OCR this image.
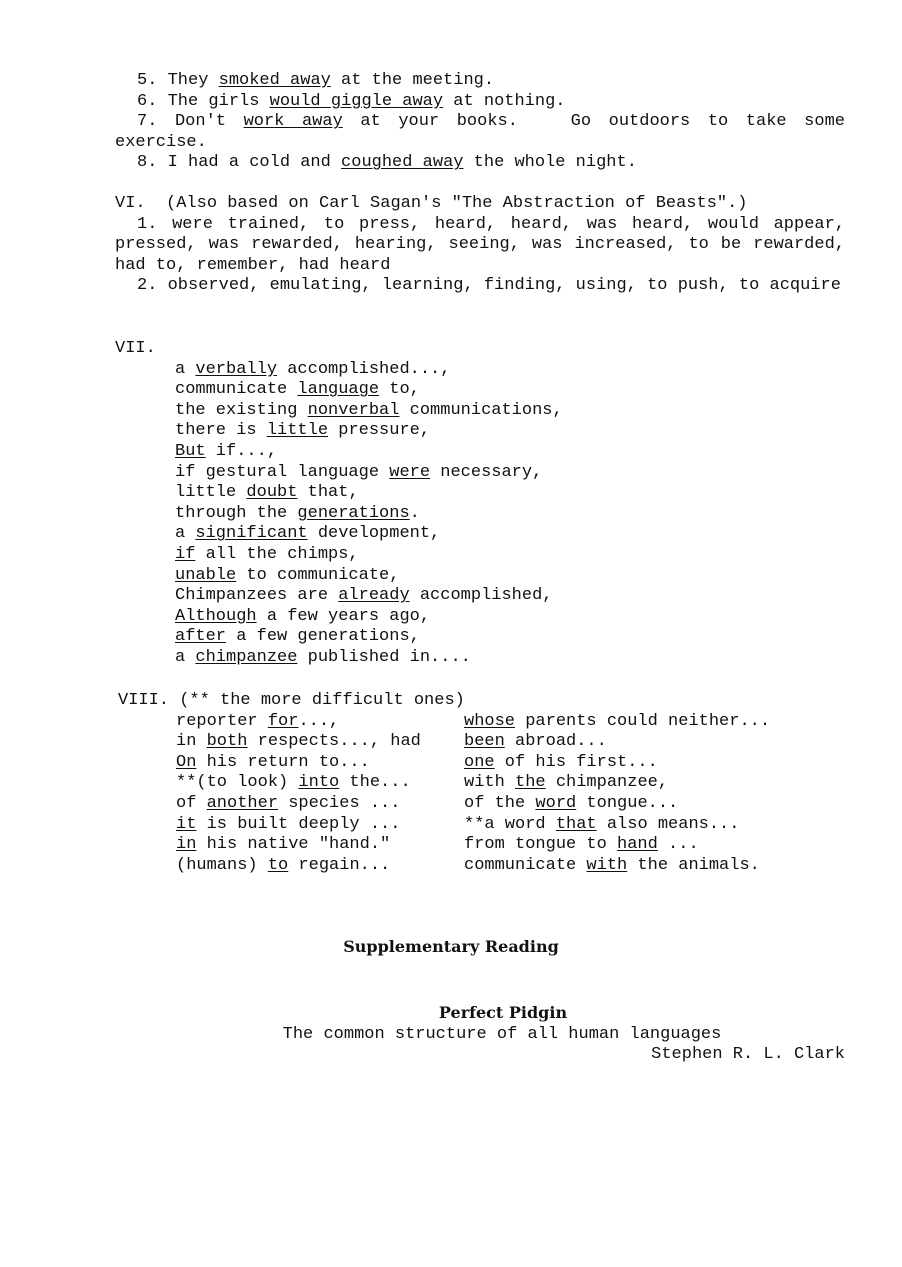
5. They smoked away at the meeting.
6. The girls would giggle away at nothing.
7. Don't work away at your books.   Go outdoors to take some exercise.
8. I had a cold and coughed away the whole night.
VI.  (Also based on Carl Sagan's "The Abstraction of Beasts".)
1. were trained, to press, heard, heard, was heard, would appear, pressed, was rewarded, hearing, seeing, was increased, to be rewarded, had to, remember, had heard
2. observed, emulating, learning, finding, using, to push, to acquire
VII.
a verbally accomplished...,
communicate language to,
the existing nonverbal communications,
there is little pressure,
But if...,
if gestural language were necessary,
little doubt that,
through the generations.
a significant development,
if all the chimps,
unable to communicate,
Chimpanzees are already accomplished,
Although a few years ago,
after a few generations,
a chimpanzee published in....
VIII. (** the more difficult ones)
reporter for...,
in both respects..., had
On his return to...
**(to look) into the...
of another species ...
it is built deeply ...
in his native "hand."
(humans) to regain...
whose parents could neither...
been abroad...
one of his first...
with the chimpanzee,
of the word tongue...
**a word that also means...
from tongue to hand ...
communicate with the animals.
Supplementary Reading
Perfect Pidgin
The common structure of all human languages
Stephen R. L. Clark
